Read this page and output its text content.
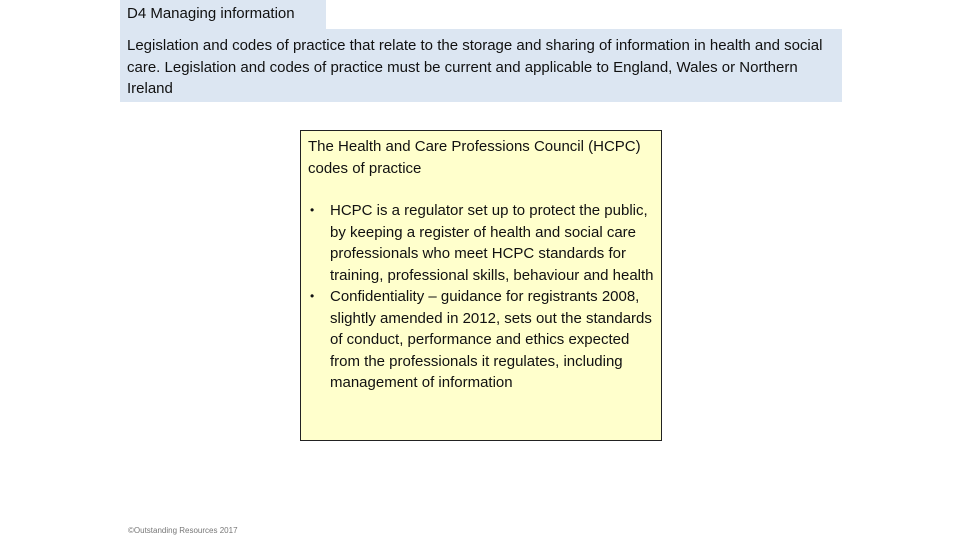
D4 Managing information
Legislation and codes of practice that relate to the storage and sharing of information in health and social care. Legislation and codes of practice must be current and applicable to England, Wales or Northern Ireland

The Health and Care Professions Council (HCPC) codes of practice

• HCPC is a regulator set up to protect the public, by keeping a register of health and social care professionals who meet HCPC standards for training, professional skills, behaviour and health
• Confidentiality – guidance for registrants 2008, slightly amended in 2012, sets out the standards of conduct, performance and ethics expected from the professionals it regulates, including management of information
©Outstanding Resources 2017
